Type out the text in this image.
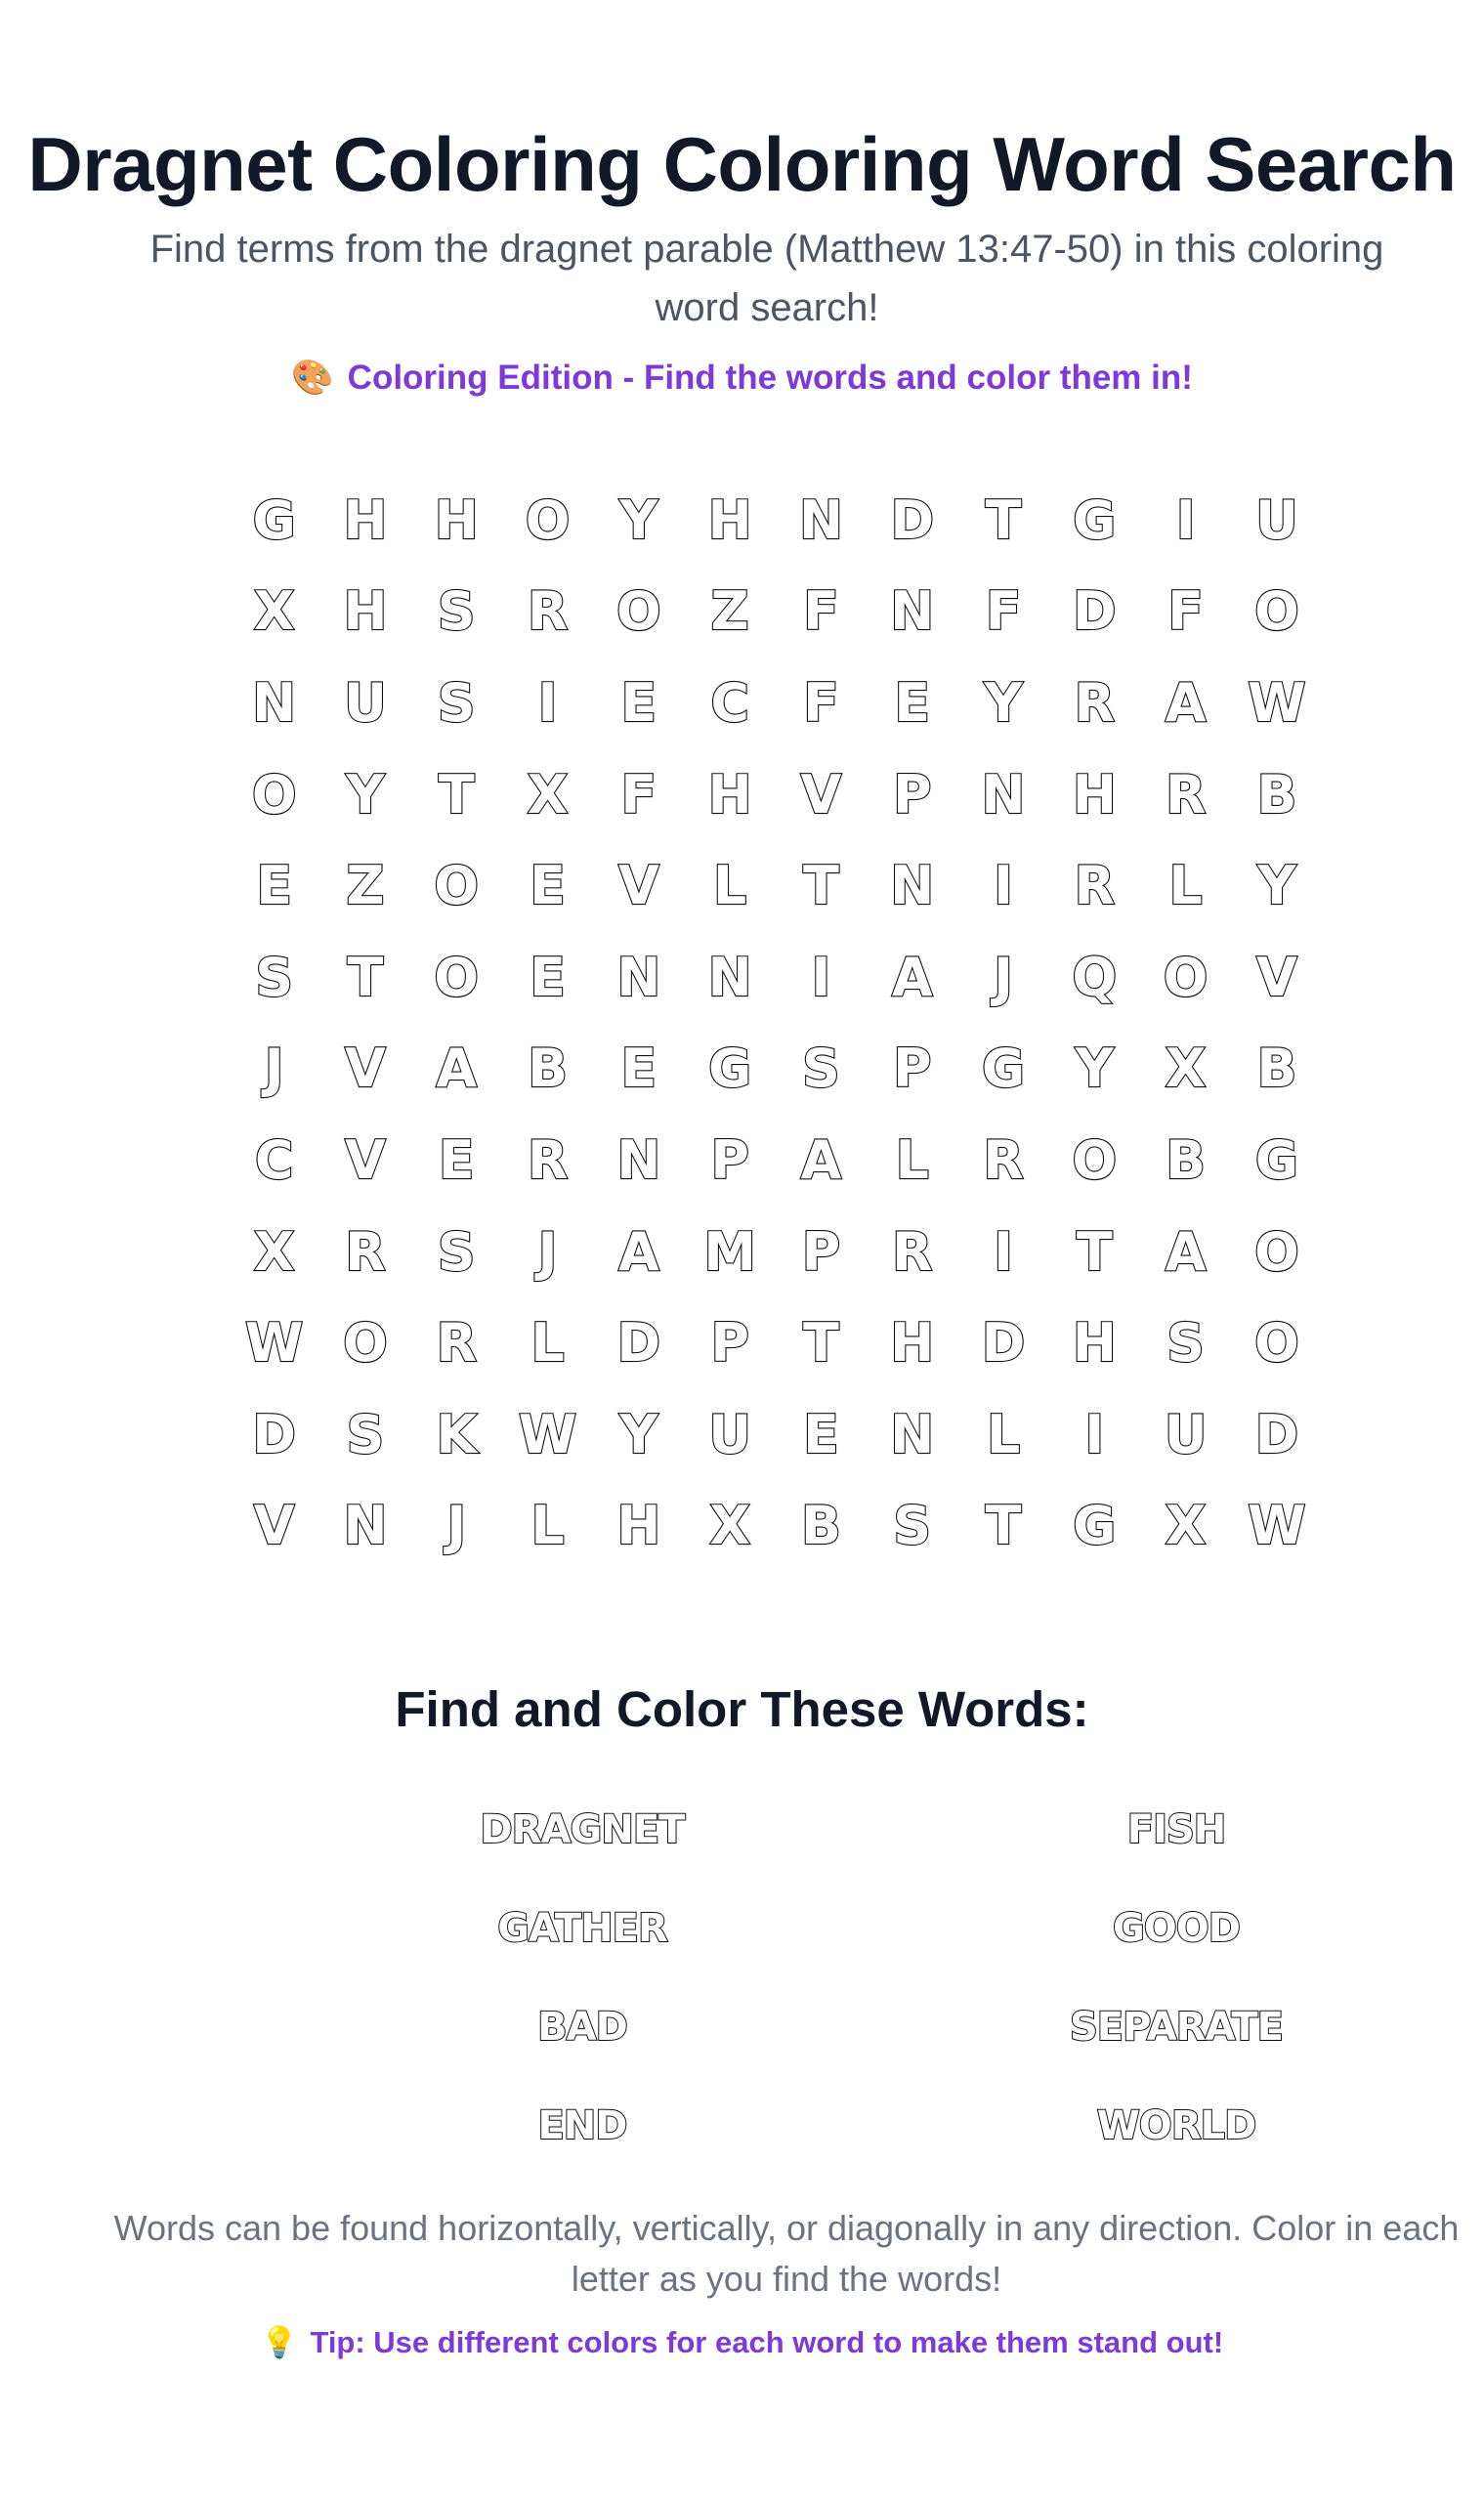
Dragnet Coloring Coloring Word Search
Find terms from the dragnet parable (Matthew 13:47-50) in this coloring word search!
🎨 Coloring Edition - Find the words and color them in!
G H H O Y H N D T G	I	U
X H S R O Z	F N F D F O
N U S	I	E	C	F	E	Y R A W
O Y	T	X	F H V P N H R B
E	Z O E V	L	T N	I	R	L	Y
S	T O E N N	I	A	J	Q O V
J	V A B	E G S	P G Y X B
C V E	R N P A	L	R O B G
X R S	J	A M P R	I	T A O
W O R	L D P	T H D H S O
D S K W Y U E N L	I	U D
V N	J	L H X B S	T G X W
Find and Color These Words:
DRAGNET	FISH
GATHER	GOOD
BAD	SEPARATE
END	WORLD
Words can be found horizontally, vertically, or diagonally in any direction. Color in each letter as you find the words!
💡 Tip: Use different colors for each word to make them stand out!
